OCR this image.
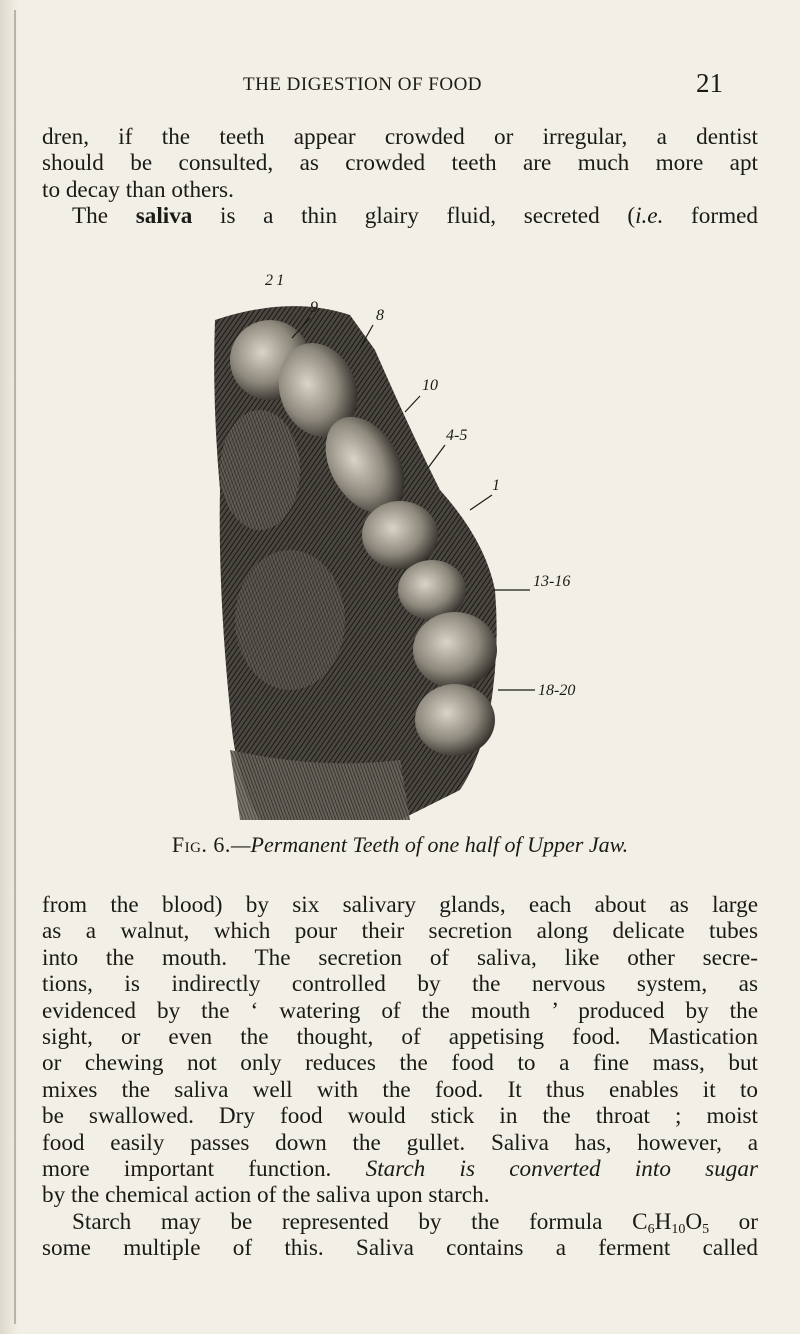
THE DIGESTION OF FOOD	21

dren, if the teeth appear crowded or irregular, a dentist
should be consulted, as crowded teeth are much more apt
to decay than others.
The saliva is a thin glairy fluid, secreted (i.e. formed

2 1
9	8
10
4-5
1
13-16
18-20
Fig. 6.—Permanent Teeth of one half of Upper Jaw.

from the blood) by six salivary glands, each about as large
as a walnut, which pour their secretion along delicate tubes
into the mouth. The secretion of saliva, like other secre-
tions, is indirectly controlled by the nervous system, as
evidenced by the ‘ watering of the mouth ’ produced by the
sight, or even the thought, of appetising food. Mastication
or chewing not only reduces the food to a fine mass, but
mixes the saliva well with the food. It thus enables it to
be swallowed. Dry food would stick in the throat ; moist
food easily passes down the gullet. Saliva has, however, a
more important function. Starch is converted into sugar
by the chemical action of the saliva upon starch.
Starch may be represented by the formula $C_6H_{10}O_5$ or
some multiple of this. Saliva contains a ferment called
